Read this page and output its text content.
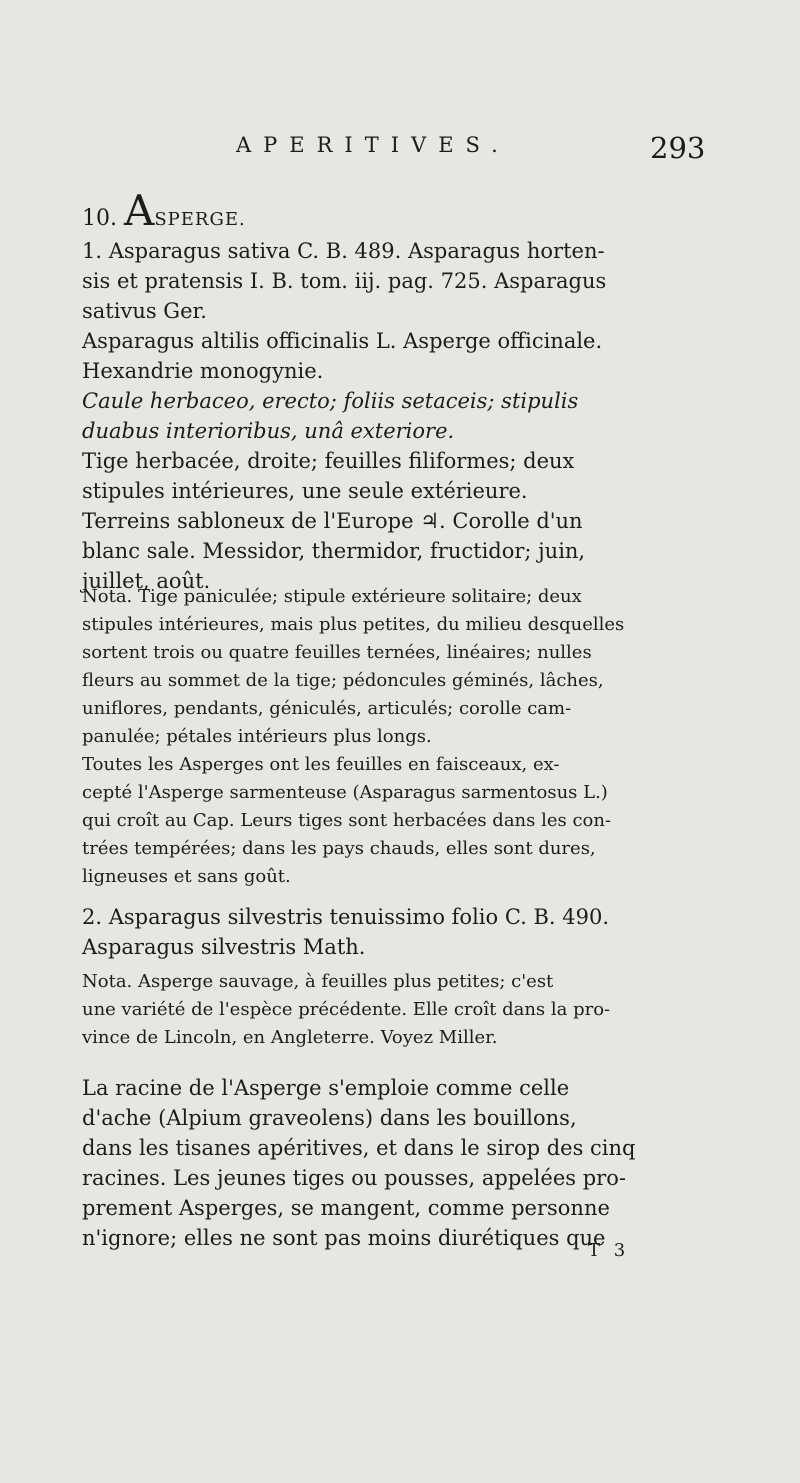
APERITIVES.	293
10. ASPERGE.
1. Asparagus sativa C. B. 489. Asparagus horten-
sis et pratensis I. B. tom. iij. pag. 725. Asparagus
sativus Ger.
Asparagus altilis officinalis L. Asperge officinale.
Hexandrie monogynie.
Caule herbaceo, erecto; foliis setaceis; stipulis
duabus interioribus, unâ exteriore.
Tige herbacée, droite; feuilles filiformes; deux
stipules intérieures, une seule extérieure.
Terreins sabloneux de l'Europe ♃. Corolle d'un
blanc sale. Messidor, thermidor, fructidor; juin,
juillet, août.
Nota. Tige paniculée; stipule extérieure solitaire; deux
stipules intérieures, mais plus petites, du milieu desquelles
sortent trois ou quatre feuilles ternées, linéaires; nulles
fleurs au sommet de la tige; pédoncules géminés, lâches,
uniflores, pendants, géniculés, articulés; corolle cam-
panulée; pétales intérieurs plus longs.
Toutes les Asperges ont les feuilles en faisceaux, ex-
cepté l'Asperge sarmenteuse (Asparagus sarmentosus L.)
qui croît au Cap. Leurs tiges sont herbacées dans les con-
trées tempérées; dans les pays chauds, elles sont dures,
ligneuses et sans goût.
2. Asparagus silvestris tenuissimo folio C. B. 490.
Asparagus silvestris Math.
Nota. Asperge sauvage, à feuilles plus petites; c'est
une variété de l'espèce précédente. Elle croît dans la pro-
vince de Lincoln, en Angleterre. Voyez Miller.
La racine de l'Asperge s'emploie comme celle
d'ache (Alpium graveolens) dans les bouillons,
dans les tisanes apéritives, et dans le sirop des cinq
racines. Les jeunes tiges ou pousses, appelées pro-
prement Asperges, se mangent, comme personne
n'ignore; elles ne sont pas moins diurétiques que
T 3
